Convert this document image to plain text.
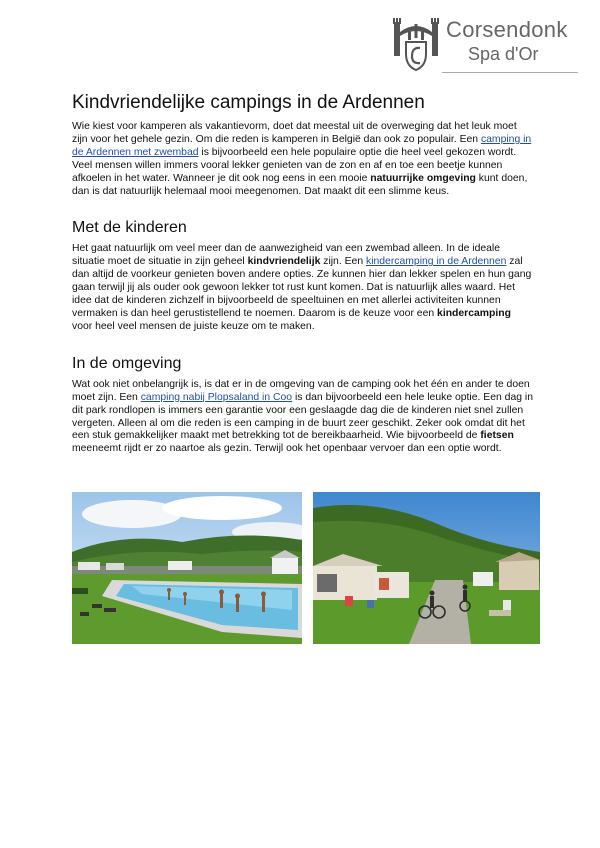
Corsendonk
Spa d'Or
Kindvriendelijke campings in de Ardennen

Wie kiest voor kamperen als vakantievorm, doet dat meestal uit de overweging dat het leuk moet zijn voor het gehele gezin. Om die reden is kamperen in België dan ook zo populair. Een camping in de Ardennen met zwembad is bijvoorbeeld een hele populaire optie die heel veel gekozen wordt. Veel mensen willen immers vooral lekker genieten van de zon en af en toe een beetje kunnen afkoelen in het water. Wanneer je dit ook nog eens in een mooie natuurrijke omgeving kunt doen, dan is dat natuurlijk helemaal mooi meegenomen. Dat maakt dit een slimme keus.

Met de kinderen

Het gaat natuurlijk om veel meer dan de aanwezigheid van een zwembad alleen. In de ideale situatie moet de situatie in zijn geheel kindvriendelijk zijn. Een kindercamping in de Ardennen zal dan altijd de voorkeur genieten boven andere opties. Ze kunnen hier dan lekker spelen en hun gang gaan terwijl jij als ouder ook gewoon lekker tot rust kunt komen. Dat is natuurlijk alles waard. Het idee dat de kinderen zichzelf in bijvoorbeeld de speeltuinen en met allerlei activiteiten kunnen vermaken is dan heel gerustistellend te noemen. Daarom is de keuze voor een kindercamping voor heel veel mensen de juiste keuze om te maken.

In de omgeving

Wat ook niet onbelangrijk is, is dat er in de omgeving van de camping ook het één en ander te doen moet zijn. Een camping nabij Plopsaland in Coo is dan bijvoorbeeld een hele leuke optie. Een dag in dit park rondlopen is immers een garantie voor een geslaagde dag die de kinderen niet snel zullen vergeten. Alleen al om die reden is een camping in de buurt zeer geschikt. Zeker ook omdat dit het een stuk gemakkelijker maakt met betrekking tot de bereikbaarheid. Wie bijvoorbeeld de fietsen meeneemt rijdt er zo naartoe als gezin. Terwijl ook het openbaar vervoer dan een optie wordt.
